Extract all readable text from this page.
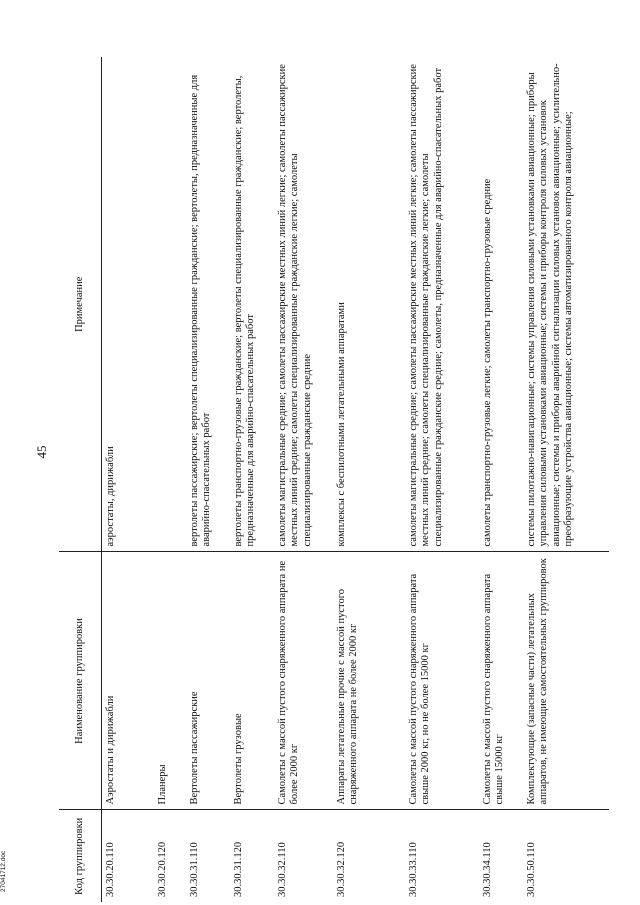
45
27041712.doc	Код группировки	Наименование группировки	Примечание
30.30.20.110	Аэростаты и дирижабли	аэростаты, дирижабли
30.30.20.120	Планеры	
30.30.31.110	Вертолеты пассажирские	вертолеты пассажирские; вертолеты специализированные гражданские; вертолеты, предназначенные для аварийно-спасательных работ
30.30.31.120	Вертолеты грузовые	вертолеты транспортно-грузовые гражданские; вертолеты специализированные гражданские; вертолеты, предназначенные для аварийно-спасательных работ
30.30.32.110	Самолеты с массой пустого снаряженного аппарата не более 2000 кг	самолеты магистральные средние; самолеты пассажирские местных линий легкие; самолеты пассажирские местных линий средние; самолеты специализированные гражданские легкие; самолеты специализированные гражданские средние
30.30.32.120	Аппараты летательные прочие с массой пустого снаряженного аппарата не более 2000 кг	комплексы с беспилотными летательными аппаратами
30.30.33.110	Самолеты с массой пустого снаряженного аппарата свыше 2000 кг, но не более 15000 кг	самолеты магистральные средние; самолеты пассажирские местных линий легкие; самолеты пассажирские местных линий средние; самолеты специализированные гражданские легкие; самолеты специализированные гражданские средние; самолеты, предназначенные для аварийно-спасательных работ
30.30.34.110	Самолеты с массой пустого снаряженного аппарата свыше 15000 кг	самолеты транспортно-грузовые легкие; самолеты транспортно-грузовые средние
30.30.50.110	Комплектующие (запасные части) летательных аппаратов, не имеющие самостоятельных группировок	системы пилотажно-навигационные; системы управления силовыми установками авиационные; приборы управления силовыми установками авиационные; системы и приборы контроля силовых установок авиационные; системы и приборы аварийной сигнализации силовых установок авиационные; усилительно-преобразующие устройства авиационные; системы автоматизированного контроля авиационные;
